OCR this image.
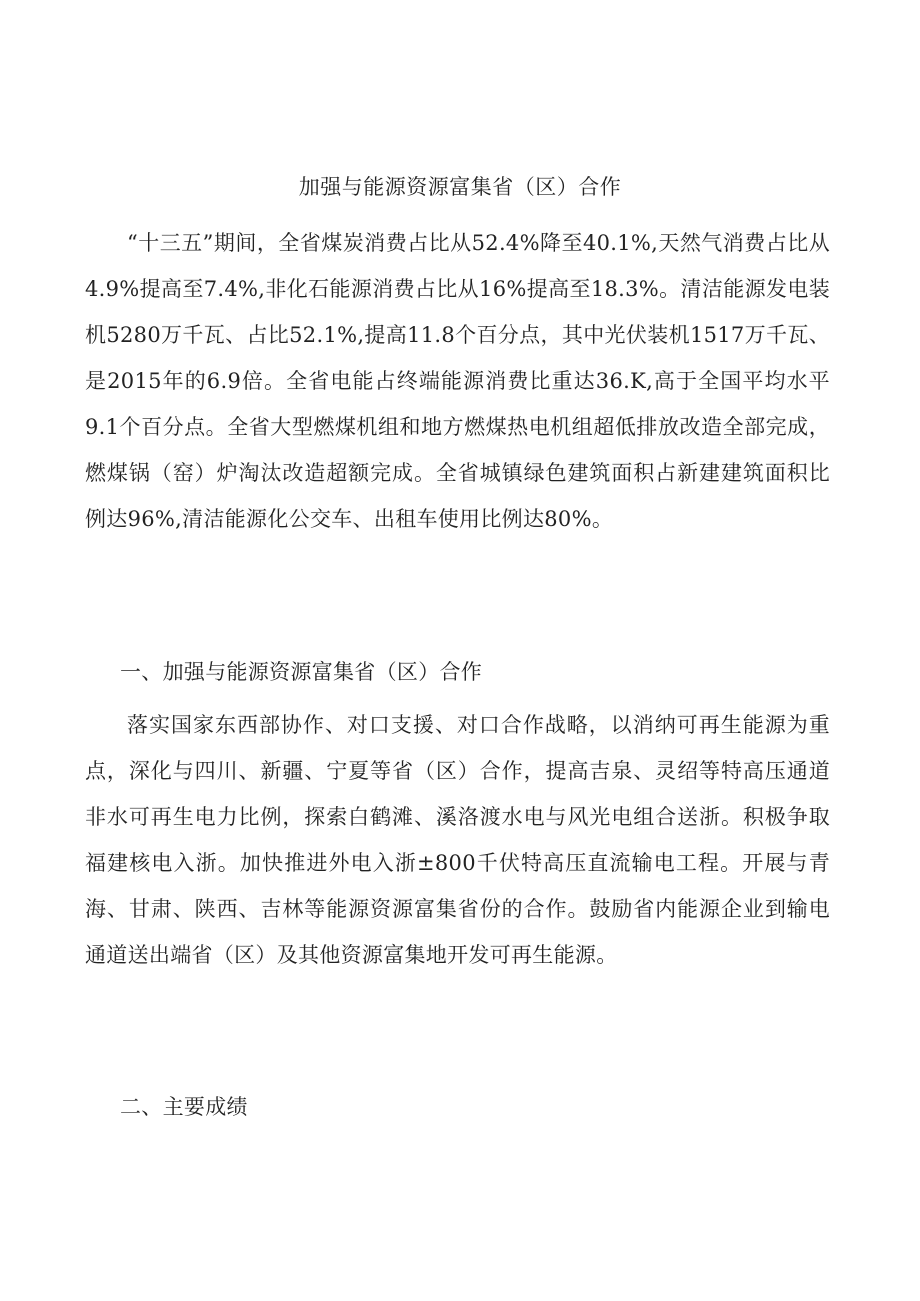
加强与能源资源富集省（区）合作

“十三五”期间，全省煤炭消费占比从52.4%降至40.1%,天然气消费占比从4.9%提高至7.4%,非化石能源消费占比从16%提高至18.3%。清洁能源发电装机5280万千瓦、占比52.1%,提高11.8个百分点，其中光伏装机1517万千瓦、是2015年的6.9倍。全省电能占终端能源消费比重达36.K,高于全国平均水平9.1个百分点。全省大型燃煤机组和地方燃煤热电机组超低排放改造全部完成，燃煤锅（窑）炉淘汰改造超额完成。全省城镇绿色建筑面积占新建建筑面积比例达96%,清洁能源化公交车、出租车使用比例达80%。

一、加强与能源资源富集省（区）合作

落实国家东西部协作、对口支援、对口合作战略，以消纳可再生能源为重点，深化与四川、新疆、宁夏等省（区）合作，提高吉泉、灵绍等特高压通道非水可再生电力比例，探索白鹤滩、溪洛渡水电与风光电组合送浙。积极争取福建核电入浙。加快推进外电入浙±800千伏特高压直流输电工程。开展与青海、甘肃、陕西、吉林等能源资源富集省份的合作。鼓励省内能源企业到输电通道送出端省（区）及其他资源富集地开发可再生能源。

二、主要成绩
